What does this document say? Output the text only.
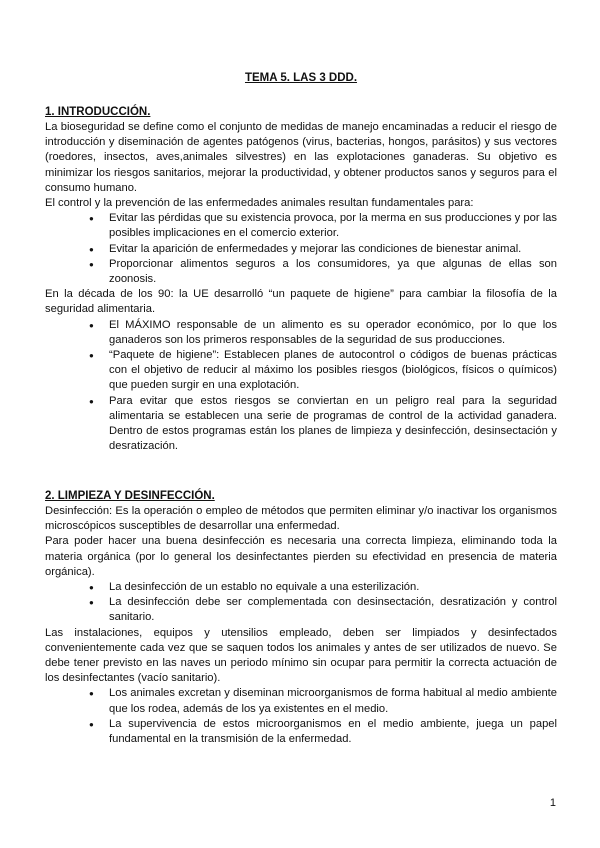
TEMA 5. LAS 3 DDD.
1. INTRODUCCIÓN.

La bioseguridad se define como el conjunto de medidas de manejo encaminadas a reducir el riesgo de introducción y diseminación de agentes patógenos (virus, bacterias, hongos, parásitos) y sus vectores (roedores, insectos, aves,animales silvestres) en las explotaciones ganaderas. Su objetivo es minimizar los riesgos sanitarios, mejorar la productividad, y obtener productos sanos y seguros para el consumo humano.

El control y la prevención de las enfermedades animales resultan fundamentales para:

● Evitar las pérdidas que su existencia provoca, por la merma en sus producciones y por las posibles implicaciones en el comercio exterior.
● Evitar la aparición de enfermedades y mejorar las condiciones de bienestar animal.
● Proporcionar alimentos seguros a los consumidores, ya que algunas de ellas son zoonosis.

En la década de los 90: la UE desarrolló “un paquete de higiene” para cambiar la filosofía de la seguridad alimentaria.

● El MÁXIMO responsable de un alimento es su operador económico, por lo que los ganaderos son los primeros responsables de la seguridad de sus producciones.
● “Paquete de higiene”: Establecen planes de autocontrol o códigos de buenas prácticas con el objetivo de reducir al máximo los posibles riesgos (biológicos, físicos o químicos) que pueden surgir en una explotación.
● Para evitar que estos riesgos se conviertan en un peligro real para la seguridad alimentaria se establecen una serie de programas de control de la actividad ganadera. Dentro de estos programas están los planes de limpieza y desinfección, desinsectación y desratización.
2. LIMPIEZA Y DESINFECCIÓN.

Desinfección: Es la operación o empleo de métodos que permiten eliminar y/o inactivar los organismos microscópicos susceptibles de desarrollar una enfermedad.

Para poder hacer una buena desinfección es necesaria una correcta limpieza, eliminando toda la materia orgánica (por lo general los desinfectantes pierden su efectividad en presencia de materia orgánica).

● La desinfección de un establo no equivale a una esterilización.
● La desinfección debe ser complementada con desinsectación, desratización y control sanitario.

Las instalaciones, equipos y utensilios empleado, deben ser limpiados y desinfectados convenientemente cada vez que se saquen todos los animales y antes de ser utilizados de nuevo. Se debe tener previsto en las naves un periodo mínimo sin ocupar para permitir la correcta actuación de los desinfectantes (vacío sanitario).

● Los animales excretan y diseminan microorganismos de forma habitual al medio ambiente que los rodea, además de los ya existentes en el medio.
● La supervivencia de estos microorganismos en el medio ambiente, juega un papel fundamental en la transmisión de la enfermedad.
1
